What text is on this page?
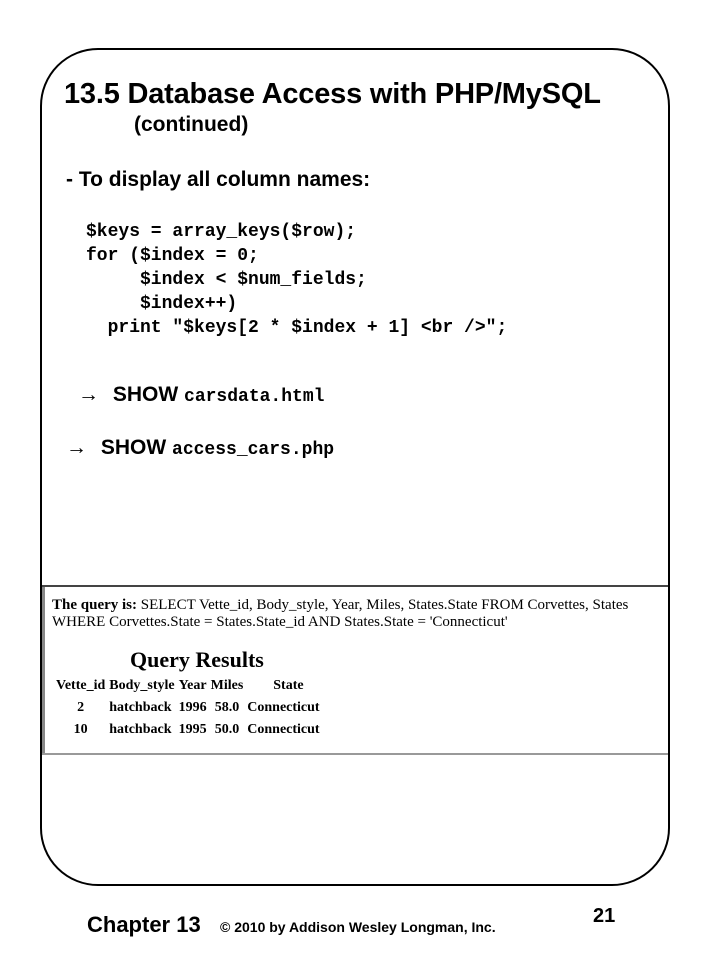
13.5 Database Access with PHP/MySQL
(continued)
- To display all column names:
$keys = array_keys($row);
for ($index = 0;
$index < $num_fields;
$index++)
print "$keys[2 * $index + 1] <br />";
→ SHOW carsdata.html
→ SHOW access_cars.php
The query is: SELECT Vette_id, Body_style, Year, Miles, States.State FROM Corvettes, States WHERE Corvettes.State = States.State_id AND States.State = 'Connecticut'
Query Results
Vette_id	Body_style	Year	Miles	State
2	hatchback	1996	58.0	Connecticut
10	hatchback	1995	50.0	Connecticut
Chapter 13 © 2010 by Addison Wesley Longman, Inc.	21
